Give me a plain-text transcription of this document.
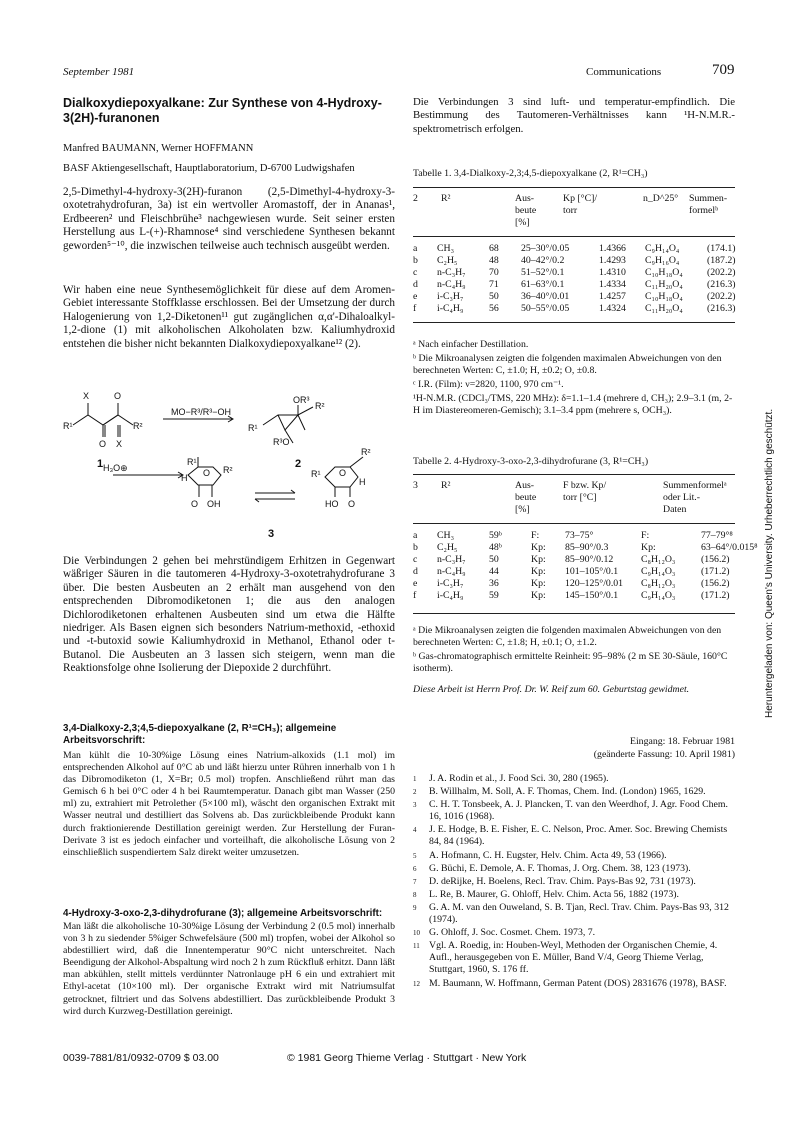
September 1981	Communications	709
Dialkoxydiepoxyalkane: Zur Synthese von 4-Hydroxy-3(2H)-furanonen
Manfred BAUMANN, Werner HOFFMANN
BASF Aktiengesellschaft, Hauptlaboratorium, D-6700 Ludwigshafen
2,5-Dimethyl-4-hydroxy-3(2H)-furanon (2,5-Dimethyl-4-hydroxy-3-oxotetrahydrofuran, 3a) ist ein wertvoller Aromastoff, der in Ananas¹, Erdbeeren² und Fleischbrühe³ nachgewiesen wurde. Seit seiner ersten Herstellung aus L-(+)-Rhamnose⁴ sind verschiedene Synthesen bekannt geworden⁵⁻¹⁰, die inzwischen teilweise auch technisch ausgeübt werden.
Wir haben eine neue Synthesemöglichkeit für diese auf dem Aromen-Gebiet interessante Stoffklasse erschlossen. Bei der Umsetzung der durch Halogenierung von 1,2-Diketonen¹¹ gut zugänglichen α,α'-Dihaloalkyl-1,2-dione (1) mit alkoholischen Alkoholaten bzw. Kaliumhydroxid entstehen die bisher nicht bekannten Dialkoxydiepoxyalkane¹² (2).
R¹
X	O
R²
O X
MO−R³/R³−OH
R¹
OR³
R²
R³O
H₃O⊕
R¹
R²
O
H
O OH
R¹
R²
O
H
HO O
1	2
3
Die Verbindungen 2 gehen bei mehrstündigem Erhitzen in Gegenwart wäßriger Säuren in die tautomeren 4-Hydroxy-3-oxotetrahydrofurane 3 über. Die besten Ausbeuten an 2 erhält man ausgehend von den entsprechenden Dibromodiketonen 1; die aus den analogen Dichlorodiketonen erhaltenen Ausbeuten sind um etwa die Hälfte niedriger. Als Basen eignen sich besonders Natrium-methoxid, -ethoxid und -t-butoxid sowie Kaliumhydroxid in Methanol, Ethanol oder t-Butanol. Die Ausbeuten an 3 lassen sich steigern, wenn man die Reaktionsfolge ohne Isolierung der Diepoxide 2 durchführt.
3,4-Dialkoxy-2,3;4,5-diepoxyalkane (2, R¹=CH₃); allgemeine Arbeitsvorschrift:
Man kühlt die 10-30%ige Lösung eines Natrium-alkoxids (1.1 mol) im entsprechenden Alkohol auf 0°C ab und läßt hierzu unter Rühren innerhalb von 1 h das Dibromodiketon (1, X=Br; 0.5 mol) tropfen. Anschließend rührt man das Gemisch 6 h bei 0°C oder 4 h bei Raumtemperatur. Danach gibt man Wasser (250 ml) zu, extrahiert mit Petrolether (5×100 ml), wäscht den organischen Extrakt mit Wasser neutral und destilliert das Solvens ab. Das zurückbleibende Produkt kann durch fraktionierende Destillation gereinigt werden. Zur Herstellung der Furan-Derivate 3 ist es jedoch einfacher und vorteilhaft, die alkoholische Lösung von 2 einschließlich suspendiertem Salz direkt weiter umzusetzen.
4-Hydroxy-3-oxo-2,3-dihydrofurane (3); allgemeine Arbeitsvorschrift:
Man läßt die alkoholische 10-30%ige Lösung der Verbindung 2 (0.5 mol) innerhalb von 3 h zu siedender 5%iger Schwefelsäure (500 ml) tropfen, wobei der Alkohol so abdestilliert wird, daß die Innentemperatur 90°C nicht unterschreitet. Nach Beendigung der Alkohol-Abspaltung wird noch 2 h zum Rückfluß erhitzt. Dann läßt man abkühlen, stellt mittels verdünnter Natronlauge pH 6 ein und extrahiert mit Ethyl-acetat (10×100 ml). Der organische Extrakt wird mit Natriumsulfat getrocknet, filtriert und das Solvens abdestilliert. Das zurückbleibende Produkt 3 wird durch Kurzweg-Destillation gereinigt.
Die Verbindungen 3 sind luft- und temperatur-empfindlich. Die Bestimmung des Tautomeren-Verhältnisses kann ¹H-N.M.R.-spektrometrisch erfolgen.
Tabelle 1. 3,4-Dialkoxy-2,3;4,5-diepoxyalkane (2, R¹=CH₃)
2	R²	Aus-
beute
[%]	Kp [°C]/
torr	n_D^25°	Summen-
formelᵇ
a	CH₃	68	25–30°/0.05	1.4366	C₉H₁₄O₄	(174.1)
b	C₂H₅	48	40–42°/0.2	1.4293	C₉H₁₆O₄	(187.2)
c	n-C₃H₇	70	51–52°/0.1	1.4310	C₁₀H₁₈O₄	(202.2)
d	n-C₄H₉	71	61–63°/0.1	1.4334	C₁₁H₂₀O₄	(216.3)
e	i-C₃H₇	50	36–40°/0.01	1.4257	C₁₀H₁₈O₄	(202.2)
f	i-C₄H₉	56	50–55°/0.05	1.4324	C₁₁H₂₀O₄	(216.3)
ᵃ Nach einfacher Destillation.
ᵇ Die Mikroanalysen zeigten die folgenden maximalen Abweichungen von den berechneten Werten: C, ±1.0; H, ±0.2; O, ±0.8.
ᶜ I.R. (Film): ν=2820, 1100, 970 cm⁻¹.
¹H-N.M.R. (CDCl₃/TMS, 220 MHz): δ=1.1–1.4 (mehrere d, CH₃); 2.9–3.1 (m, 2-H im Diastereomeren-Gemisch); 3.1–3.4 ppm (mehrere s, OCH₃).
Tabelle 2. 4-Hydroxy-3-oxo-2,3-dihydrofurane (3, R¹=CH₃)
3	R²	Aus-
beute
[%]	F bzw. Kp/
torr [°C]	Summenformelᵃ
oder Lit.-
Daten
a	CH₃	59ᵇ	F:	73–75°	F:	77–79°⁸
b	C₂H₅	48ᵇ	Kp:	85–90°/0.3	Kp:	63–64°/0.015⁸
c	n-C₃H₇	50	Kp:	85–90°/0.12	C₈H₁₂O₃	(156.2)
d	n-C₄H₉	44	Kp:	101–105°/0.1	C₉H₁₄O₃	(171.2)
e	i-C₃H₇	36	Kp:	120–125°/0.01	C₈H₁₂O₃	(156.2)
f	i-C₄H₉	59	Kp:	145–150°/0.1	C₉H₁₄O₃	(171.2)
ᵃ Die Mikroanalysen zeigten die folgenden maximalen Abweichungen von den berechneten Werten: C, ±1.8; H, ±0.1; O, ±1.2.
ᵇ Gas-chromatographisch ermittelte Reinheit: 95–98% (2 m SE 30-Säule, 160°C isotherm).
Diese Arbeit ist Herrn Prof. Dr. W. Reif zum 60. Geburtstag gewidmet.
Eingang: 18. Februar 1981
(geänderte Fassung: 10. April 1981)
1	J. A. Rodin et al., J. Food Sci. 30, 280 (1965).
2	B. Willhalm, M. Soll, A. F. Thomas, Chem. Ind. (London) 1965, 1629.
3	C. H. T. Tonsbeek, A. J. Plancken, T. van den Weerdhof, J. Agr. Food Chem. 16, 1016 (1968).
4	J. E. Hodge, B. E. Fisher, E. C. Nelson, Proc. Amer. Soc. Brewing Chemists 84, 84 (1964).
5	A. Hofmann, C. H. Eugster, Helv. Chim. Acta 49, 53 (1966).
6	G. Büchi, E. Demole, A. F. Thomas, J. Org. Chem. 38, 123 (1973).
7	D. deRijke, H. Boelens, Recl. Trav. Chim. Pays-Bas 92, 731 (1973).
8	L. Re, B. Maurer, G. Ohloff, Helv. Chim. Acta 56, 1882 (1973).
9	G. A. M. van den Ouweland, S. B. Tjan, Recl. Trav. Chim. Pays-Bas 93, 312 (1974).
10	G. Ohloff, J. Soc. Cosmet. Chem. 1973, 7.
11	Vgl. A. Roedig, in: Houben-Weyl, Methoden der Organischen Chemie, 4. Aufl., herausgegeben von E. Müller, Band V/4, Georg Thieme Verlag, Stuttgart, 1960, S. 176 ff.
12	M. Baumann, W. Hoffmann, German Patent (DOS) 2831676 (1978), BASF.
0039-7881/81/0932-0709 $ 03.00	© 1981 Georg Thieme Verlag · Stuttgart · New York
Heruntergeladen von: Queen's University. Urheberrechtlich geschützt.
